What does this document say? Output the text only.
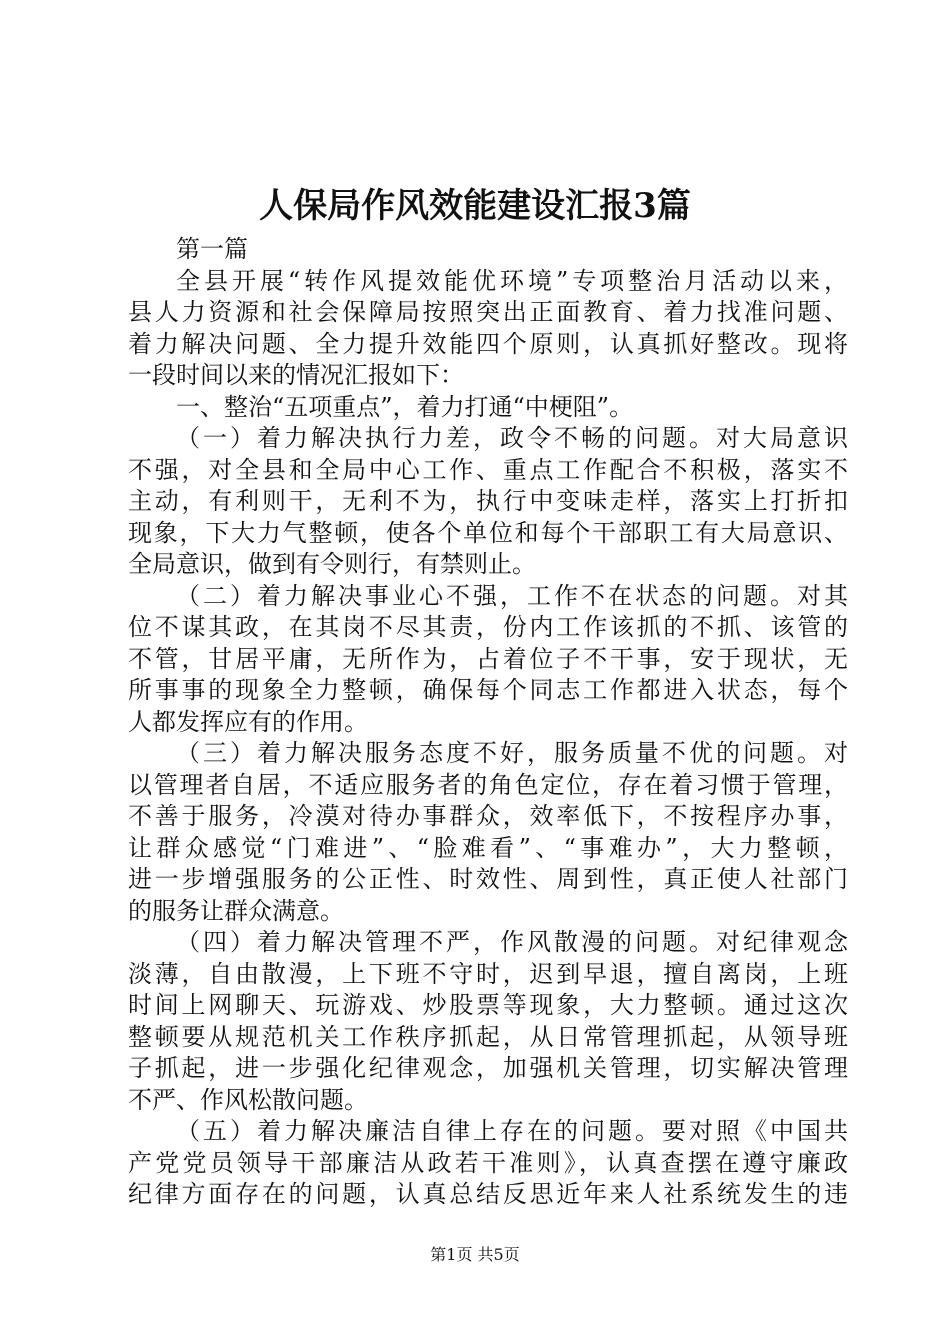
人保局作风效能建设汇报3篇
第一篇
全县开展“转作风提效能优环境”专项整治月活动以来，
县人力资源和社会保障局按照突出正面教育、着力找准问题、
着力解决问题、全力提升效能四个原则，认真抓好整改。现将
一段时间以来的情况汇报如下：
一、整治“五项重点”，着力打通“中梗阻”。
（一）着力解决执行力差，政令不畅的问题。对大局意识
不强，对全县和全局中心工作、重点工作配合不积极，落实不
主动，有利则干，无利不为，执行中变味走样，落实上打折扣
现象，下大力气整顿，使各个单位和每个干部职工有大局意识、
全局意识，做到有令则行，有禁则止。
（二）着力解决事业心不强，工作不在状态的问题。对其
位不谋其政，在其岗不尽其责，份内工作该抓的不抓、该管的
不管，甘居平庸，无所作为，占着位子不干事，安于现状，无
所事事的现象全力整顿，确保每个同志工作都进入状态，每个
人都发挥应有的作用。
（三）着力解决服务态度不好，服务质量不优的问题。对
以管理者自居，不适应服务者的角色定位，存在着习惯于管理，
不善于服务，冷漠对待办事群众，效率低下，不按程序办事，
让群众感觉“门难进”、“脸难看”、“事难办”，大力整顿，
进一步增强服务的公正性、时效性、周到性，真正使人社部门
的服务让群众满意。
（四）着力解决管理不严，作风散漫的问题。对纪律观念
淡薄，自由散漫，上下班不守时，迟到早退，擅自离岗，上班
时间上网聊天、玩游戏、炒股票等现象，大力整顿。通过这次
整顿要从规范机关工作秩序抓起，从日常管理抓起，从领导班
子抓起，进一步强化纪律观念，加强机关管理，切实解决管理
不严、作风松散问题。
（五）着力解决廉洁自律上存在的问题。要对照《中国共
产党党员领导干部廉洁从政若干准则》，认真查摆在遵守廉政
纪律方面存在的问题，认真总结反思近年来人社系统发生的违
第1页 共5页
